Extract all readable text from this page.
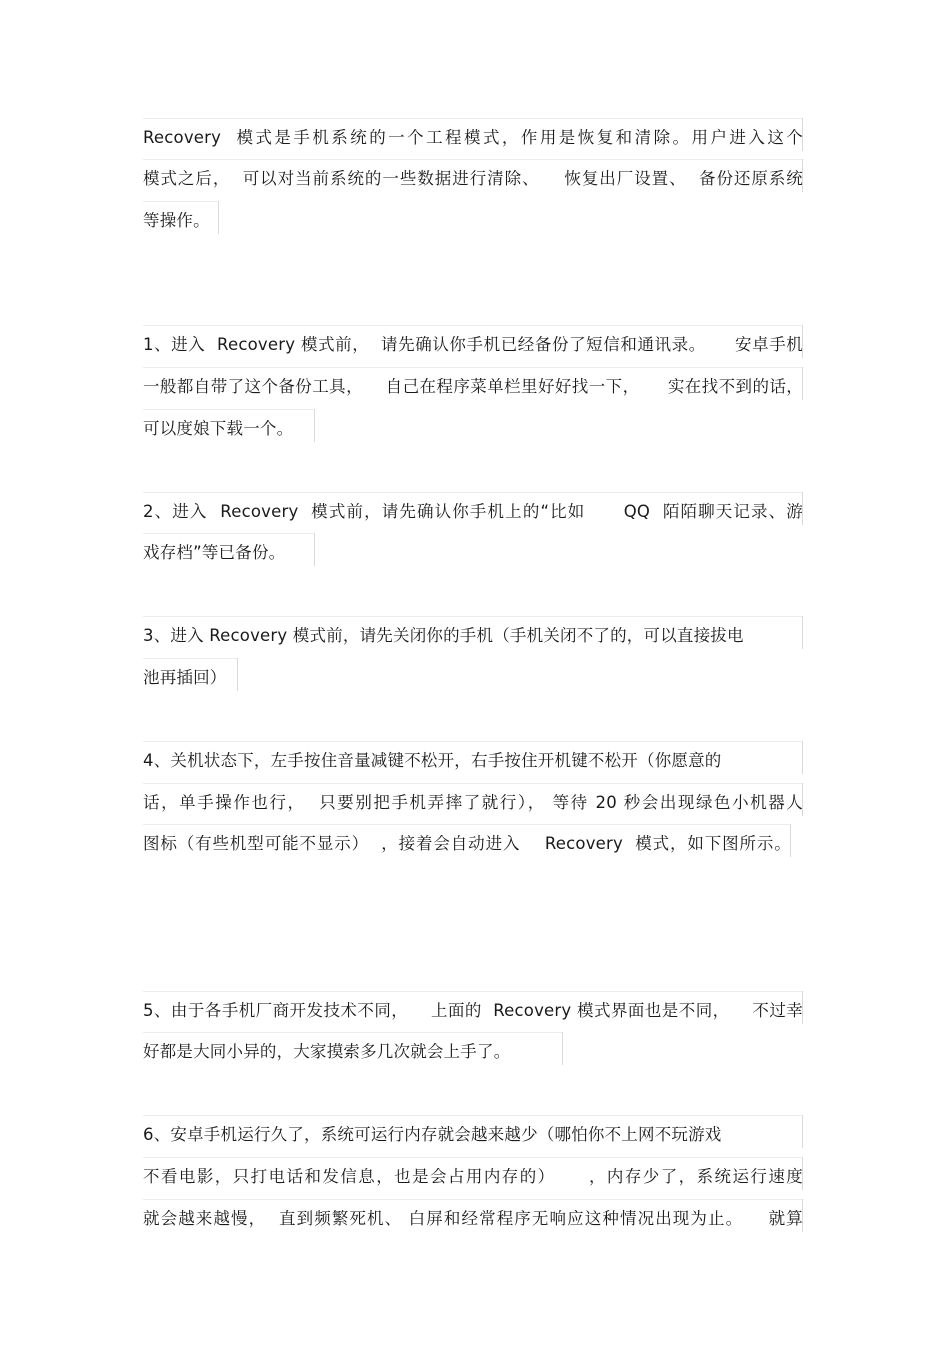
Recovery  模式是手机系统的一个工程模式，作用是恢复和清除。用户进入这个
模式之后，  可以对当前系统的一些数据进行清除、    恢复出厂设置、  备份还原系统
等操作。
1、进入  Recovery 模式前，  请先确认你手机已经备份了短信和通讯录。     安卓手机
一般都自带了这个备份工具，    自己在程序菜单栏里好好找一下，     实在找不到的话，
可以度娘下载一个。
2、进入  Recovery  模式前，请先确认你手机上的“比如      QQ  陌陌聊天记录、游
戏存档”等已备份。
3、进入 Recovery 模式前，请先关闭你的手机（手机关闭不了的，可以直接拔电
池再插回）
4、关机状态下，左手按住音量减键不松开，右手按住开机键不松开（你愿意的
话，单手操作也行，  只要别把手机弄摔了就行）， 等待 20 秒会出现绿色小机器人
图标（有些机型可能不显示）  ，接着会自动进入    Recovery  模式，如下图所示。
5、由于各手机厂商开发技术不同，    上面的  Recovery 模式界面也是不同，    不过幸
好都是大同小异的，大家摸索多几次就会上手了。
6、安卓手机运行久了，系统可运行内存就会越来越少（哪怕你不上网不玩游戏
不看电影，只打电话和发信息，也是会占用内存的）     ，内存少了，系统运行速度
就会越来越慢，  直到频繁死机、 白屏和经常程序无响应这种情况出现为止。    就算
